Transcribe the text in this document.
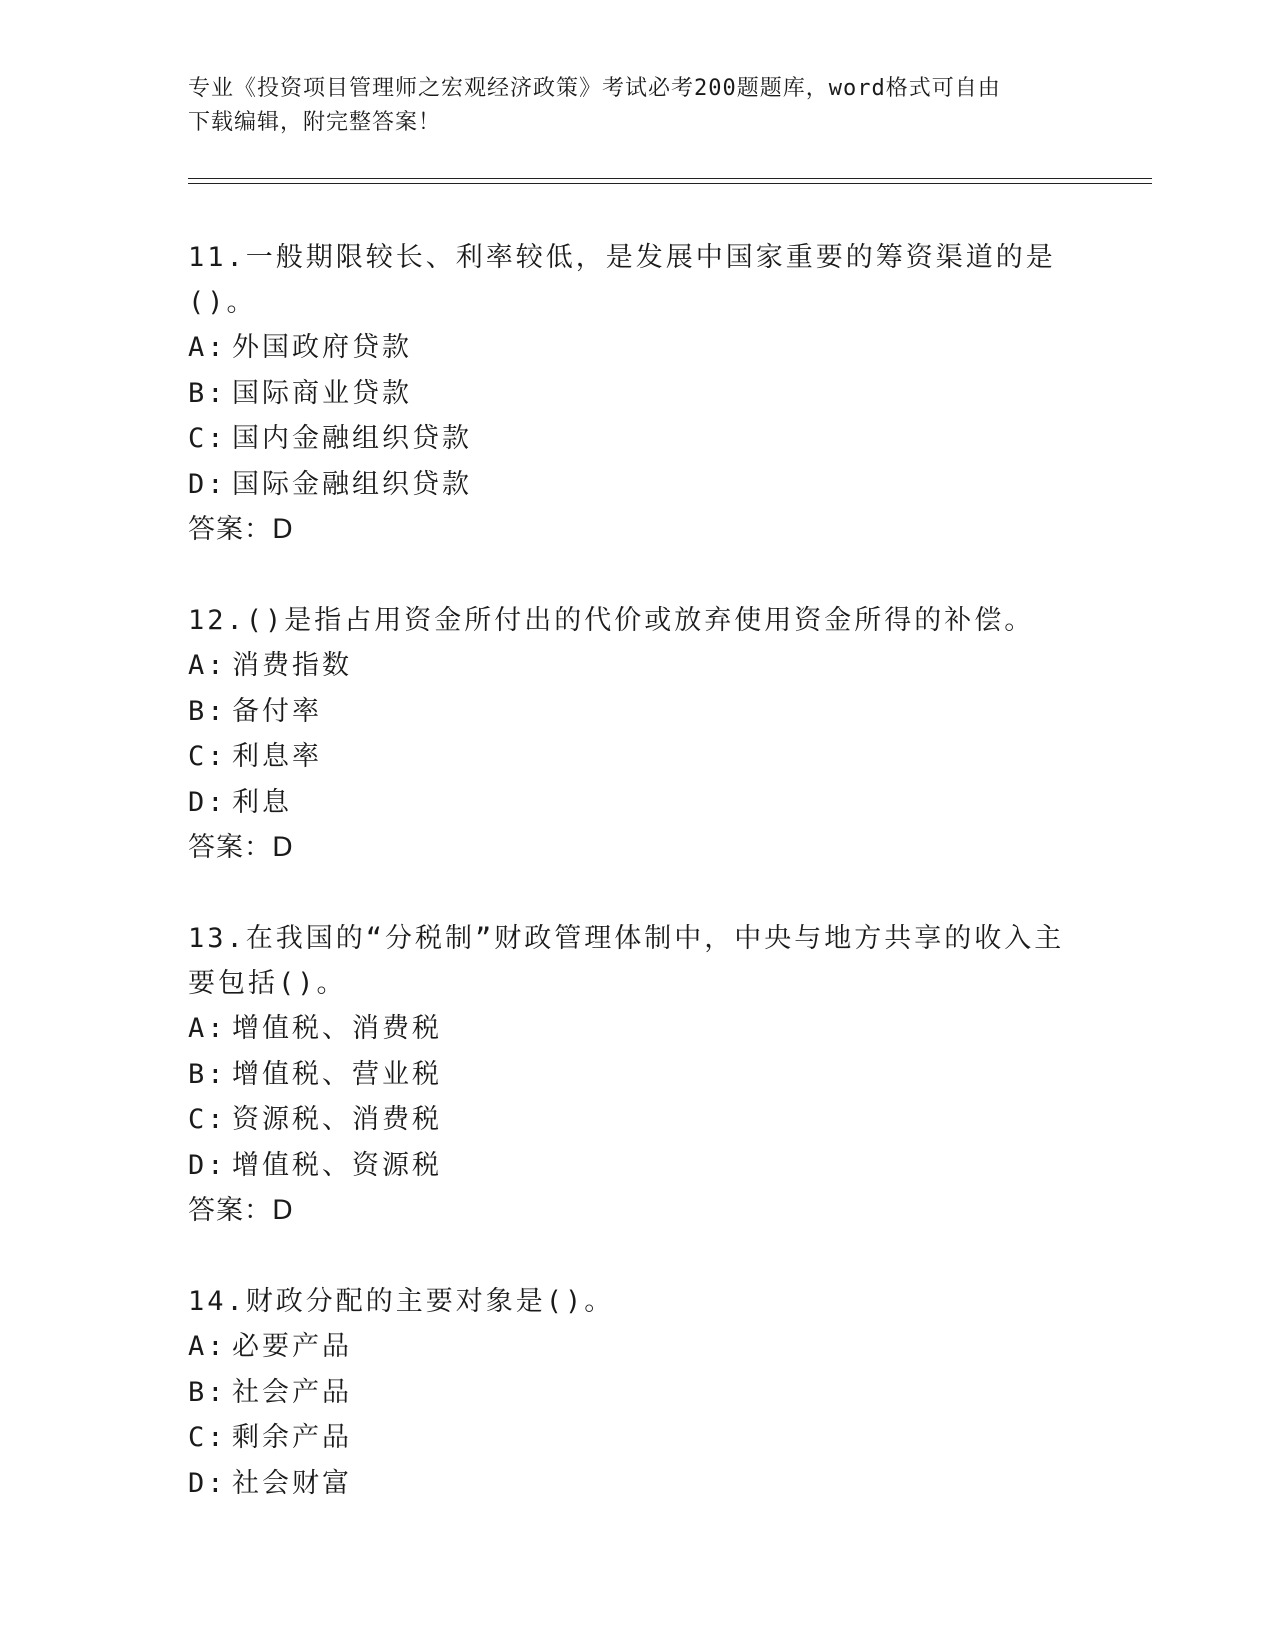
专业《投资项目管理师之宏观经济政策》考试必考200题题库，word格式可自由
下载编辑，附完整答案！

11.一般期限较长、利率较低，是发展中国家重要的筹资渠道的是()。

A: 外国政府贷款

B: 国际商业贷款

C: 国内金融组织贷款

D: 国际金融组织贷款

答案：D

12.()是指占用资金所付出的代价或放弃使用资金所得的补偿。

A: 消费指数

B: 备付率

C: 利息率

D: 利息

答案：D

13.在我国的“分税制”财政管理体制中，中央与地方共享的收入主要包括()。

A: 增值税、消费税

B: 增值税、营业税

C: 资源税、消费税

D: 增值税、资源税

答案：D

14.财政分配的主要对象是()。

A: 必要产品

B: 社会产品

C: 剩余产品

D: 社会财富
